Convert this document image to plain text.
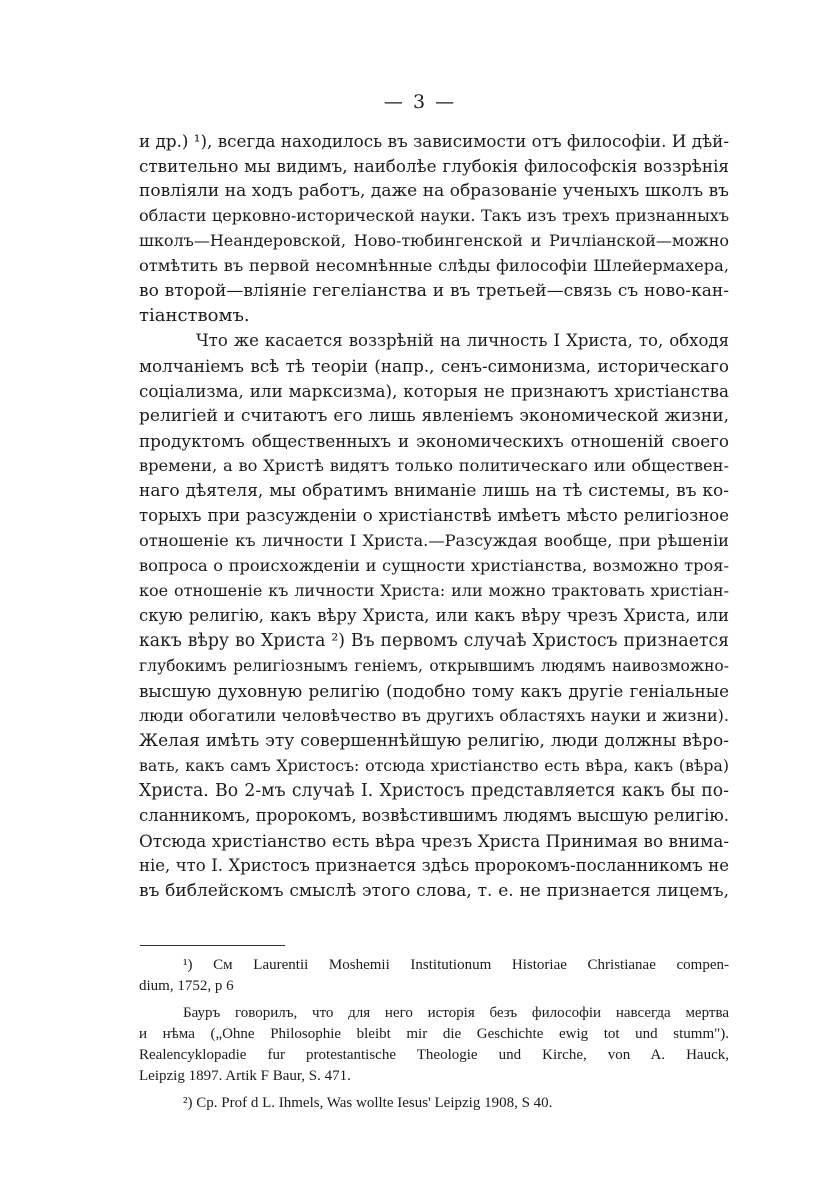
— 3 —
и др.) ¹), всегда находилось въ зависимости отъ философіи. И дѣй-
ствительно мы видимъ, наиболѣе глубокія философскія воззрѣнія
повліяли на ходъ работъ, даже на образованіе ученыхъ школъ въ
области церковно-исторической науки. Такъ изъ трехъ признанныхъ
школъ—Неандеровской, Ново-тюбингенской и Ричлiанской—можно
отмѣтить въ первой несомнѣнные слѣды философіи Шлейермахера,
во второй—вліяніе гегеліанства и въ третьей—связь съ ново-кан-
тіанствомъ.
Что же касается воззрѣній на личность I Христа, то, обходя
молчаніемъ всѣ тѣ теоріи (напр., сенъ-симонизма, историческаго
соціализма, или марксизма), которыя не признаютъ христіанства
религіей и считаютъ его лишь явленіемъ экономической жизни,
продуктомъ общественныхъ и экономическихъ отношеній своего
времени, а во Христѣ видятъ только политическаго или обществен-
наго дѣятеля, мы обратимъ вниманіе лишь на тѣ системы, въ ко-
торыхъ при разсужденіи о христіанствѣ имѣетъ мѣсто религіозное
отношеніе къ личности I Христа.—Разсуждая вообще, при рѣшеніи
вопроса о происхожденіи и сущности христіанства, возможно троя-
кое отношеніе къ личности Христа: или можно трактовать христіан-
скую религію, какъ вѣру Христа, или какъ вѣру чрезъ Христа, или
какъ вѣру во Христа ²) Въ первомъ случаѣ Христосъ признается
глубокимъ религіознымъ геніемъ, открывшимъ людямъ наивозможно-
высшую духовную религію (подобно тому какъ другіе геніальные
люди обогатили человѣчество въ другихъ областяхъ науки и жизни).
Желая имѣть эту совершеннѣйшую религію, люди должны вѣро-
вать, какъ самъ Христосъ: отсюда христіанство есть вѣра, какъ (вѣра)
Христа. Во 2-мъ случаѣ I. Христосъ представляется какъ бы по-
сланникомъ, пророкомъ, возвѣстившимъ людямъ высшую религію.
Отсюда христіанство есть вѣра чрезъ Христа Принимая во внима-
ніе, что I. Христосъ признается здѣсь пророкомъ-посланникомъ не
въ библейскомъ смыслѣ этого слова, т. е. не признается лицемъ,
¹) См Laurentii Moshemii Institutionum Historiae Christianae compen-
dium, 1752, p 6
Бауръ говорилъ, что для него исторія безъ философіи навсегда мертва
и нѣма („Ohne Philosophie bleibt mir die Geschichte ewig tot und stumm").
Realencyklopadie fur protestantische Theologie und Kirche, von A. Hauck,
Leipzig 1897. Artik F Baur, S. 471.
²) Ср. Prof d L. Ihmels, Was wollte Iesus' Leipzig 1908, S 40.
